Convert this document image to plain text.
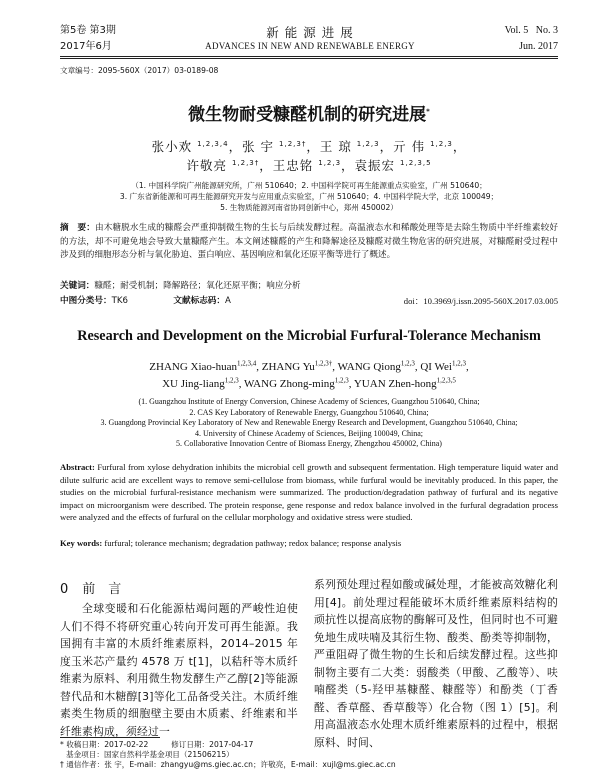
第5卷 第3期
2017年6月
新 能 源 进 展
ADVANCES IN NEW AND RENEWABLE ENERGY
Vol. 5   No. 3
Jun. 2017
文章编号：2095-560X（2017）03-0189-08
微生物耐受糠醛机制的研究进展*
张小欢 $^{1,2,3,4}$，张 宇 $^{1,2,3\dagger}$，王 琼 $^{1,2,3}$，亓 伟 $^{1,2,3}$，
许敬亮 $^{1,2,3\dagger}$，王忠铭 $^{1,2,3}$，袁振宏 $^{1,2,3,5}$
（1. 中国科学院广州能源研究所，广州 510640；2. 中国科学院可再生能源重点实验室，广州 510640；
3. 广东省新能源和可再生能源研究开发与应用重点实验室，广州 510640；4. 中国科学院大学，北京 100049；
5. 生物质能源河南省协同创新中心，郑州 450002）
摘　要：由木糖脱水生成的糠醛会严重抑制微生物的生长与后续发酵过程。高温液态水和稀酸处理等是去除生物质中半纤维素较好的方法，却不可避免地会导致大量糠醛产生。本文阐述糠醛的产生和降解途径及糠醛对微生物危害的研究进展，对糠醛耐受过程中涉及到的细胞形态分析与氧化胁迫、蛋白响应、基因响应和氧化还原平衡等进行了概述。
关键词：糠醛；耐受机制；降解路径；氧化还原平衡；响应分析
中图分类号：TK6	文献标志码：A	doi：10.3969/j.issn.2095-560X.2017.03.005
Research and Development on the Microbial Furfural-Tolerance Mechanism
ZHANG Xiao-huan$^{1,2,3,4}$, ZHANG $Yu^{1,2,3\dagger}$, WANG Qiong$^{1,2,3}$, QI Wei$^{1,2,3}$,
XU Jing-liang$^{1,2,3}$, WANG Zhong-ming$^{1,2,3}$, YUAN Zhen-hong$^{1,2,3,5}$
(1. Guangzhou Institute of Energy Conversion, Chinese Academy of Sciences, Guangzhou 510640, China;
2. CAS Key Laboratory of Renewable Energy, Guangzhou 510640, China;
3. Guangdong Provincial Key Laboratory of New and Renewable Energy Research and Development, Guangzhou 510640, China;
4. University of Chinese Academy of Sciences, Beijing 100049, China;
5. Collaborative Innovation Centre of Biomass Energy, Zhengzhou 450002, China)
Abstract: Furfural from xylose dehydration inhibits the microbial cell growth and subsequent fermentation. High temperature liquid water and dilute sulfuric acid are excellent ways to remove semi-cellulose from biomass, while furfural would be inevitably produced. In this paper, the studies on the microbial furfural-resistance mechanism were summarized. The production/degradation pathway of furfural and its negative impact on microorganism were described. The protein response, gene response and redox balance involved in the furfural degradation process were analyzed and the effects of furfural on the cellular morphology and oxidative stress were studied.
Key words: furfural; tolerance mechanism; degradation pathway; redox balance; response analysis
0 前　言
全球变暖和石化能源枯竭问题的严峻性迫使人们不得不将研究重心转向开发可再生能源。我国拥有丰富的木质纤维素原料，2014–2015 年度玉米芯产量约 4578 万 t[1]，以秸秆等木质纤维素为原料、利用微生物发酵生产乙醇[2]等能源替代品和木糖醇[3]等化工品备受关注。木质纤维素类生物质的细胞壁主要由木质素、纤维素和半纤维素构成，须经过一
系列预处理过程如酸或碱处理，才能被高效糖化利用[4]。前处理过程能破坏木质纤维素原料结构的顽抗性以提高底物的酶解可及性，但同时也不可避免地生成呋喃及其衍生物、酸类、酚类等抑制物，严重阻碍了微生物的生长和后续发酵过程。这些抑制物主要有二大类：弱酸类（甲酸、乙酸等）、呋喃醛类（5-羟甲基糠醛、糠醛等）和酚类（丁香醛、香草醛、香草酸等）化合物（图 1）[5]。利用高温液态水处理木质纤维素原料的过程中，根据原料、时间、
* 收稿日期：2017-02-22	修订日期：2017-04-17
基金项目：国家自然科学基金项目（21506215）
† 通信作者：张 宇，E-mail：zhangyu@ms.giec.ac.cn；许敬亮，E-mail：xujl@ms.giec.ac.cn
